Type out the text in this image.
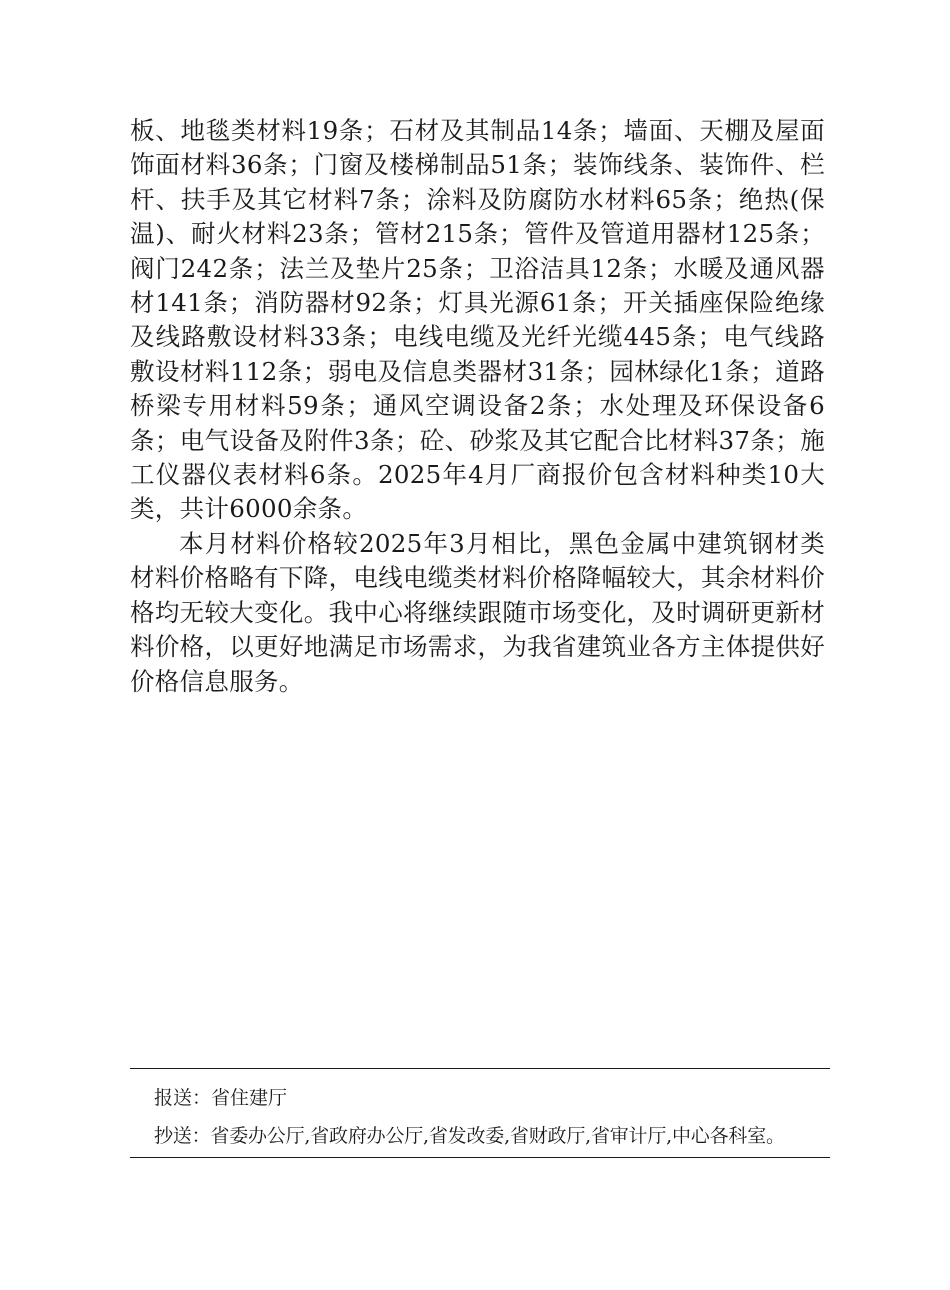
板、地毯类材料19条；石材及其制品14条；墙面、天棚及屋面饰面材料36条；门窗及楼梯制品51条；装饰线条、装饰件、栏杆、扶手及其它材料7条；涂料及防腐防水材料65条；绝热(保温)、耐火材料23条；管材215条；管件及管道用器材125条；阀门242条；法兰及垫片25条；卫浴洁具12条；水暖及通风器材141条；消防器材92条；灯具光源61条；开关插座保险绝缘及线路敷设材料33条；电线电缆及光纤光缆445条；电气线路敷设材料112条；弱电及信息类器材31条；园林绿化1条；道路桥梁专用材料59条；通风空调设备2条；水处理及环保设备6条；电气设备及附件3条；砼、砂浆及其它配合比材料37条；施工仪器仪表材料6条。2025年4月厂商报价包含材料种类10大类，共计6000余条。

本月材料价格较2025年3月相比，黑色金属中建筑钢材类材料价格略有下降，电线电缆类材料价格降幅较大，其余材料价格均无较大变化。我中心将继续跟随市场变化，及时调研更新材料价格，以更好地满足市场需求，为我省建筑业各方主体提供好价格信息服务。

报送：省住建厅
抄送：省委办公厅,省政府办公厅,省发改委,省财政厅,省审计厅,中心各科室。
